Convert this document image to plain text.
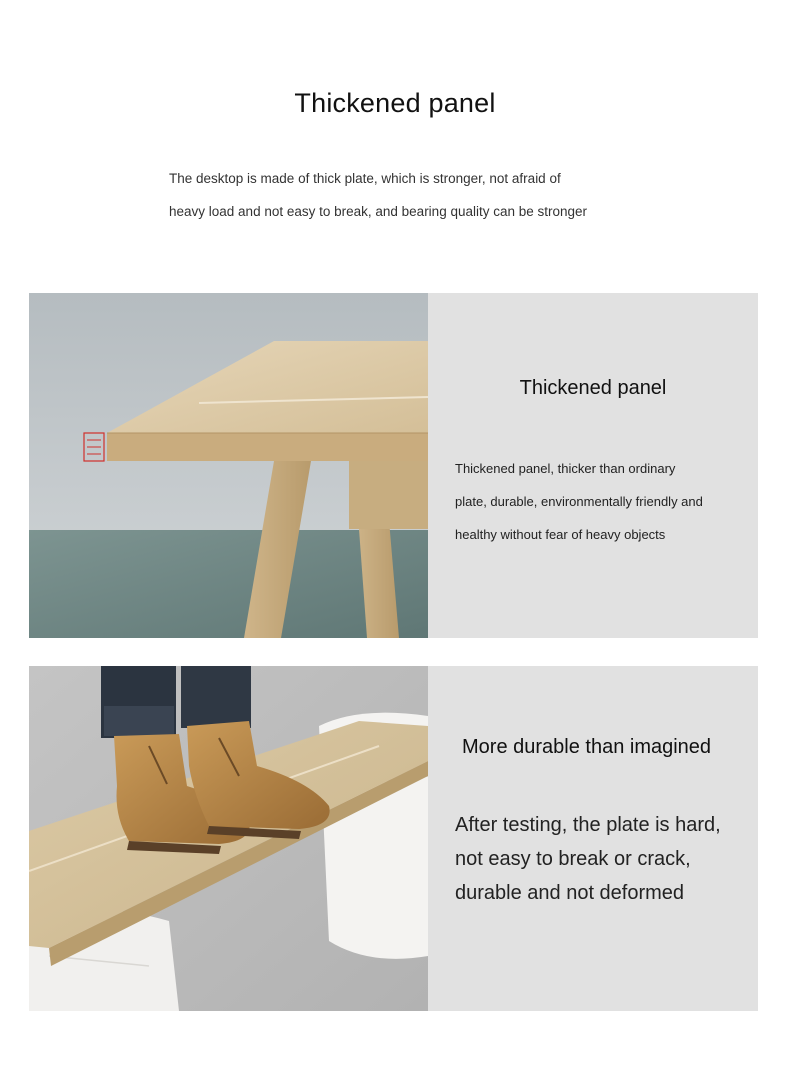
Thickened panel

The desktop is made of thick plate, which is stronger, not afraid of
heavy load and not easy to break, and bearing quality can be stronger

Thickened panel

Thickened panel, thicker than ordinary
plate, durable, environmentally friendly and
healthy without fear of heavy objects

More durable than imagined

After testing, the plate is hard,
not easy to break or crack,
durable and not deformed
